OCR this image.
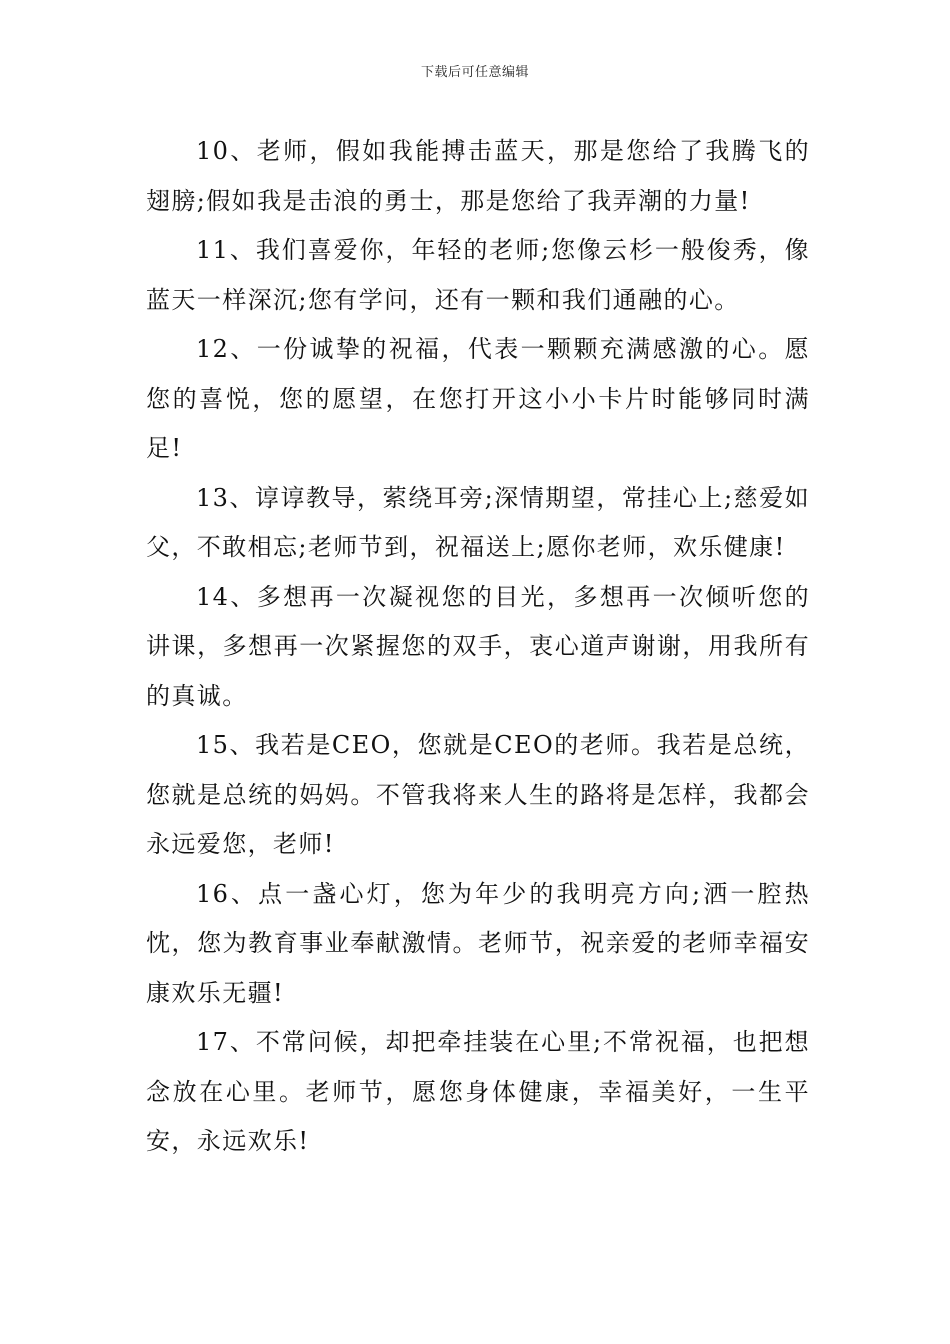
下载后可任意编辑

10、老师，假如我能搏击蓝天，那是您给了我腾飞的翅膀;假如我是击浪的勇士，那是您给了我弄潮的力量!

11、我们喜爱你，年轻的老师;您像云杉一般俊秀，像蓝天一样深沉;您有学问，还有一颗和我们通融的心。

12、一份诚挚的祝福，代表一颗颗充满感激的心。愿您的喜悦，您的愿望，在您打开这小小卡片时能够同时满足!

13、谆谆教导，萦绕耳旁;深情期望，常挂心上;慈爱如父，不敢相忘;老师节到，祝福送上;愿你老师，欢乐健康!

14、多想再一次凝视您的目光，多想再一次倾听您的讲课，多想再一次紧握您的双手，衷心道声谢谢，用我所有的真诚。

15、我若是CEO，您就是CEO的老师。我若是总统，您就是总统的妈妈。不管我将来人生的路将是怎样，我都会永远爱您，老师!

16、点一盏心灯，您为年少的我明亮方向;洒一腔热忱，您为教育事业奉献激情。老师节，祝亲爱的老师幸福安康欢乐无疆!

17、不常问候，却把牵挂装在心里;不常祝福，也把想念放在心里。老师节，愿您身体健康，幸福美好，一生平安，永远欢乐!
